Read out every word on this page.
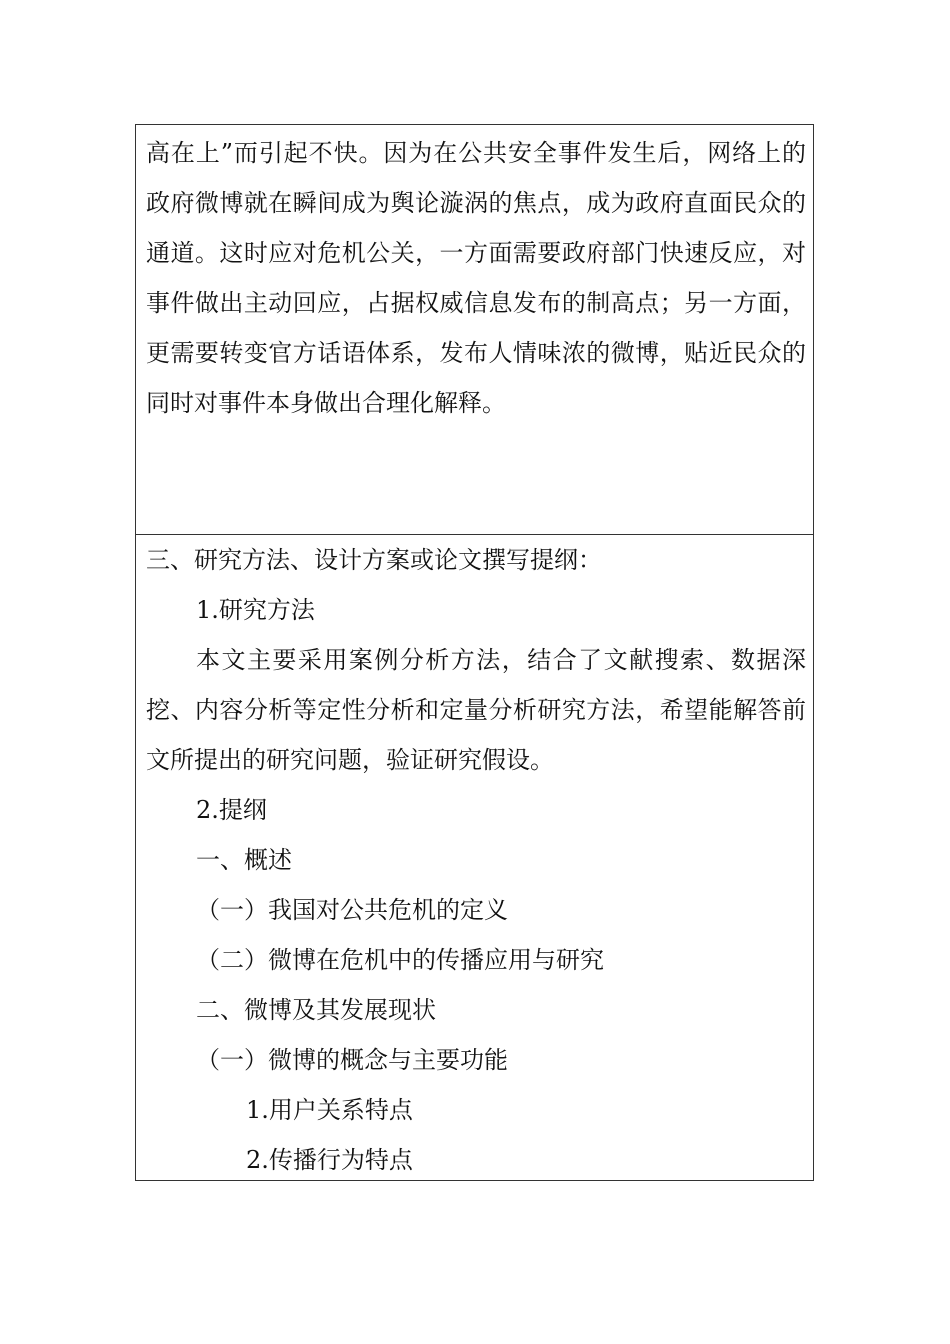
高在上”而引起不快。因为在公共安全事件发生后，网络上的政府微博就在瞬间成为舆论漩涡的焦点，成为政府直面民众的通道。这时应对危机公关，一方面需要政府部门快速反应，对事件做出主动回应，占据权威信息发布的制高点；另一方面，更需要转变官方话语体系，发布人情味浓的微博，贴近民众的同时对事件本身做出合理化解释。

三、研究方法、设计方案或论文撰写提纲：

1.研究方法

本文主要采用案例分析方法，结合了文献搜索、数据深挖、内容分析等定性分析和定量分析研究方法，希望能解答前文所提出的研究问题，验证研究假设。

2.提纲

一、概述

（一）我国对公共危机的定义

（二）微博在危机中的传播应用与研究

二、微博及其发展现状

（一）微博的概念与主要功能

1.用户关系特点

2.传播行为特点
